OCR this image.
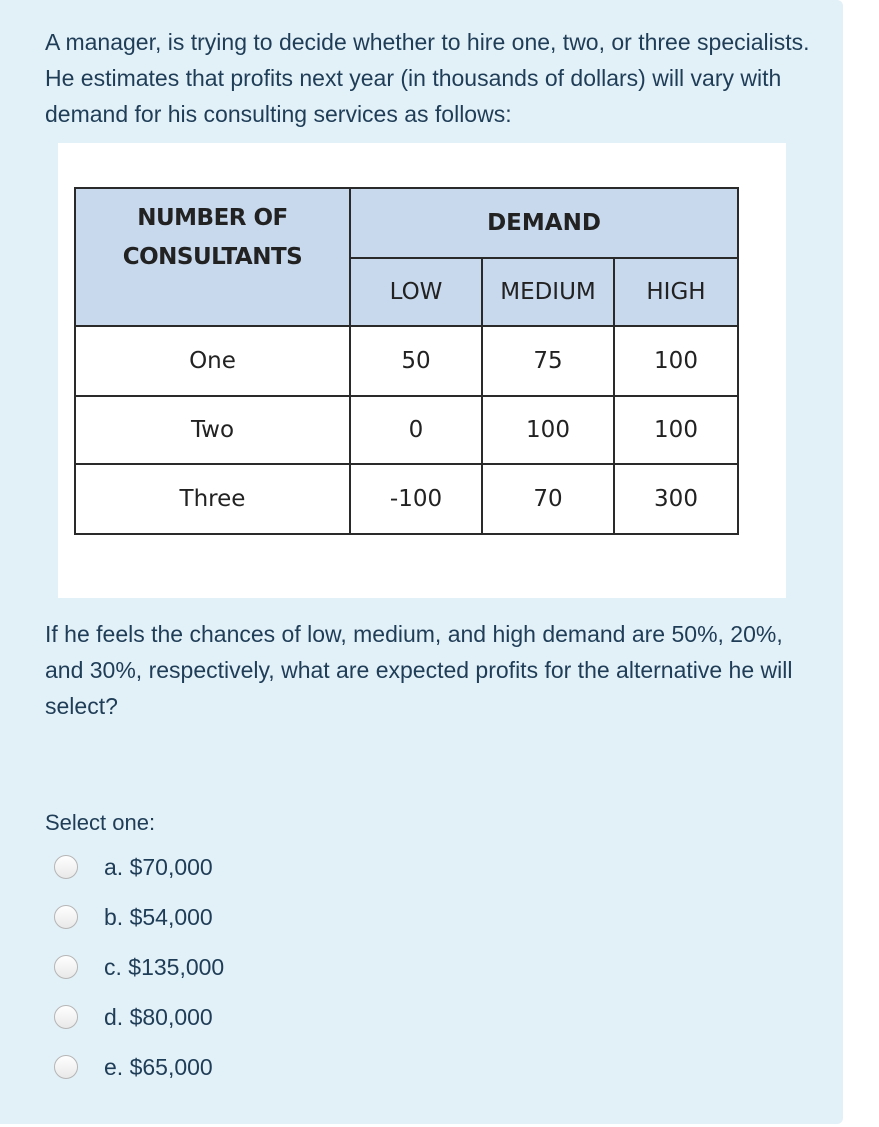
A manager, is trying to decide whether to hire one, two, or three specialists. He estimates that profits next year (in thousands of dollars) will vary with demand for his consulting services as follows:

NUMBER OF
CONSULTANTS	DEMAND		
	LOW	MEDIUM	HIGH
One	50	75	100
Two	0	100	100
Three	-100	70	300

If he feels the chances of low, medium, and high demand are 50%, 20%, and 30%, respectively, what are expected profits for the alternative he will select?

Select one:

a. $70,000
b. $54,000
c. $135,000
d. $80,000
e. $65,000
